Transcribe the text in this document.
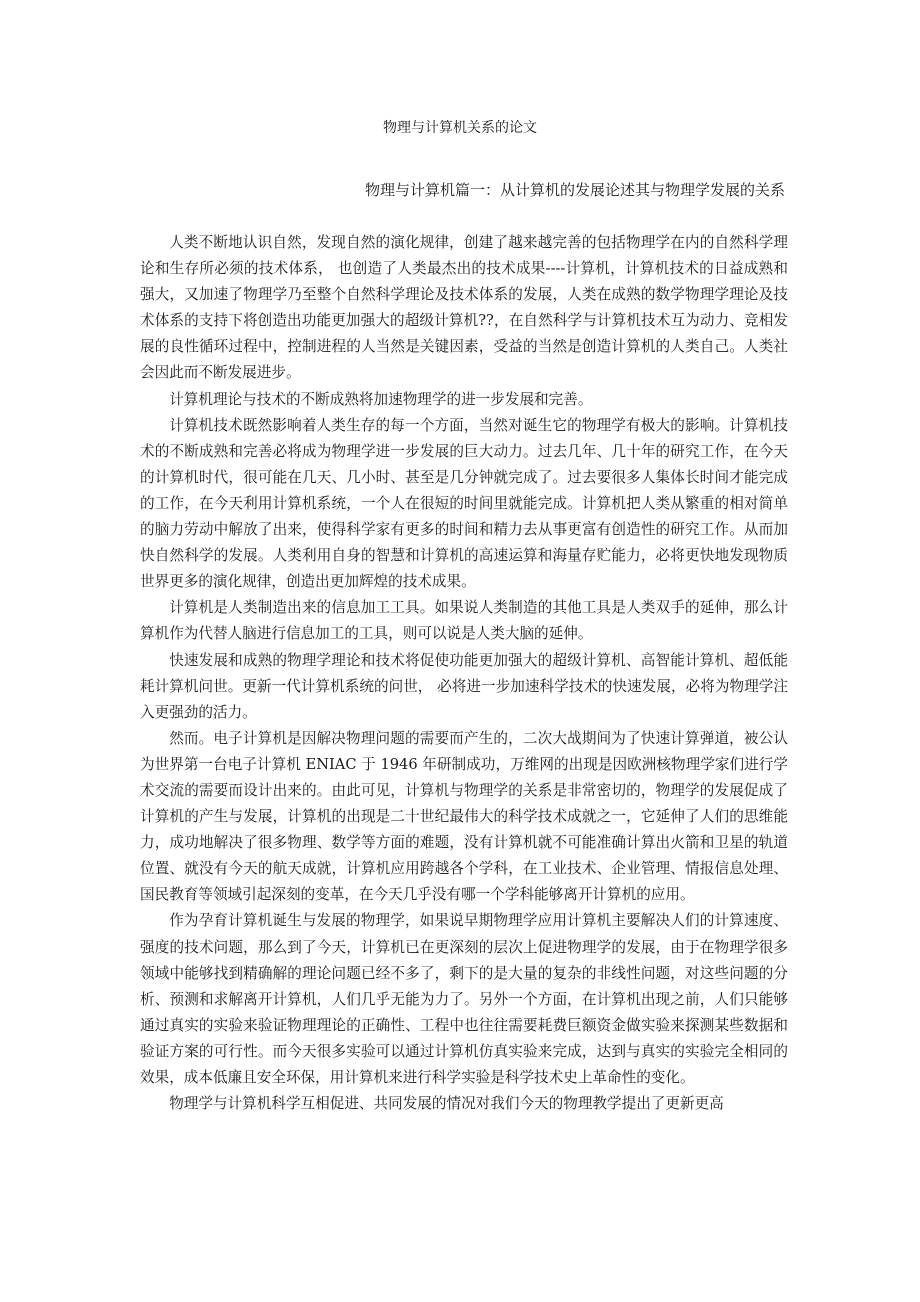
物理与计算机关系的论文
物理与计算机篇一：从计算机的发展论述其与物理学发展的关系

人类不断地认识自然，发现自然的演化规律，创建了越来越完善的包括物理学在内的自然科学理论和生存所必须的技术体系， 也创造了人类最杰出的技术成果----计算机，计算机技术的日益成熟和强大，又加速了物理学乃至整个自然科学理论及技术体系的发展，人类在成熟的数学物理学理论及技术体系的支持下将创造出功能更加强大的超级计算机??，在自然科学与计算机技术互为动力、竞相发展的良性循环过程中，控制进程的人当然是关键因素，受益的当然是创造计算机的人类自己。人类社会因此而不断发展进步。

计算机理论与技术的不断成熟将加速物理学的进一步发展和完善。

计算机技术既然影响着人类生存的每一个方面，当然对诞生它的物理学有极大的影响。计算机技术的不断成熟和完善必将成为物理学进一步发展的巨大动力。过去几年、几十年的研究工作，在今天的计算机时代，很可能在几天、几小时、甚至是几分钟就完成了。过去要很多人集体长时间才能完成的工作，在今天利用计算机系统，一个人在很短的时间里就能完成。计算机把人类从繁重的相对简单的脑力劳动中解放了出来，使得科学家有更多的时间和精力去从事更富有创造性的研究工作。从而加快自然科学的发展。人类利用自身的智慧和计算机的高速运算和海量存贮能力，必将更快地发现物质世界更多的演化规律，创造出更加辉煌的技术成果。

计算机是人类制造出来的信息加工工具。如果说人类制造的其他工具是人类双手的延伸，那么计算机作为代替人脑进行信息加工的工具，则可以说是人类大脑的延伸。

快速发展和成熟的物理学理论和技术将促使功能更加强大的超级计算机、高智能计算机、超低能耗计算机问世。更新一代计算机系统的问世， 必将进一步加速科学技术的快速发展，必将为物理学注入更强劲的活力。

然而。电子计算机是因解决物理问题的需要而产生的，二次大战期间为了快速计算弹道，被公认为世界第一台电子计算机 ENIAC 于 1946 年研制成功，万维网的出现是因欧洲核物理学家们进行学术交流的需要而设计出来的。由此可见，计算机与物理学的关系是非常密切的，物理学的发展促成了计算机的产生与发展，计算机的出现是二十世纪最伟大的科学技术成就之一，它延伸了人们的思维能力，成功地解决了很多物理、数学等方面的难题，没有计算机就不可能准确计算出火箭和卫星的轨道位置、就没有今天的航天成就，计算机应用跨越各个学科，在工业技术、企业管理、情报信息处理、国民教育等领域引起深刻的变革，在今天几乎没有哪一个学科能够离开计算机的应用。

作为孕育计算机诞生与发展的物理学，如果说早期物理学应用计算机主要解决人们的计算速度、强度的技术问题，那么到了今天，计算机已在更深刻的层次上促进物理学的发展，由于在物理学很多领域中能够找到精确解的理论问题已经不多了，剩下的是大量的复杂的非线性问题，对这些问题的分析、预测和求解离开计算机，人们几乎无能为力了。另外一个方面，在计算机出现之前，人们只能够通过真实的实验来验证物理理论的正确性、工程中也往往需要耗费巨额资金做实验来探测某些数据和验证方案的可行性。而今天很多实验可以通过计算机仿真实验来完成，达到与真实的实验完全相同的效果，成本低廉且安全环保，用计算机来进行科学实验是科学技术史上革命性的变化。

物理学与计算机科学互相促进、共同发展的情况对我们今天的物理教学提出了更新更高
